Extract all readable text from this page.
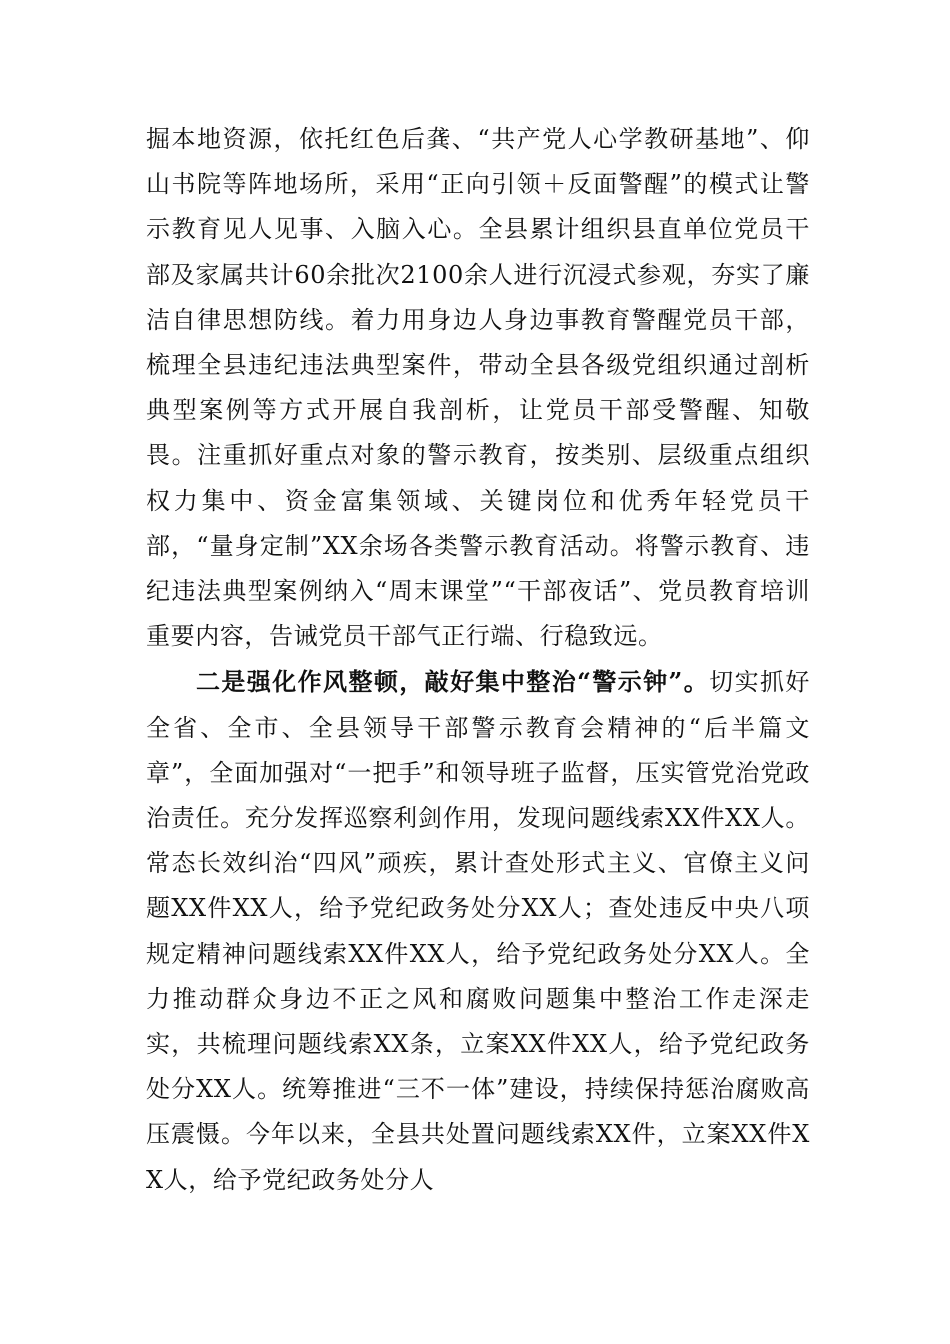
掘本地资源，依托红色后龚、“共产党人心学教研基地”、仰山书院等阵地场所，采用“正向引领＋反面警醒”的模式让警示教育见人见事、入脑入心。全县累计组织县直单位党员干部及家属共计60余批次2100余人进行沉浸式参观，夯实了廉洁自律思想防线。着力用身边人身边事教育警醒党员干部，梳理全县违纪违法典型案件，带动全县各级党组织通过剖析典型案例等方式开展自我剖析，让党员干部受警醒、知敬畏。注重抓好重点对象的警示教育，按类别、层级重点组织权力集中、资金富集领域、关键岗位和优秀年轻党员干部，“量身定制”XX余场各类警示教育活动。将警示教育、违纪违法典型案例纳入“周末课堂”“干部夜话”、党员教育培训重要内容，告诫党员干部气正行端、行稳致远。

二是强化作风整顿，敲好集中整治“警示钟”。切实抓好全省、全市、全县领导干部警示教育会精神的“后半篇文章”，全面加强对“一把手”和领导班子监督，压实管党治党政治责任。充分发挥巡察利剑作用，发现问题线索XX件XX人。常态长效纠治“四风”顽疾，累计查处形式主义、官僚主义问题XX件XX人，给予党纪政务处分XX人；查处违反中央八项规定精神问题线索XX件XX人，给予党纪政务处分XX人。全力推动群众身边不正之风和腐败问题集中整治工作走深走实，共梳理问题线索XX条，立案XX件XX人，给予党纪政务处分XX人。统筹推进“三不一体”建设，持续保持惩治腐败高压震慑。今年以来，全县共处置问题线索XX件，立案XX件XX人，给予党纪政务处分人
